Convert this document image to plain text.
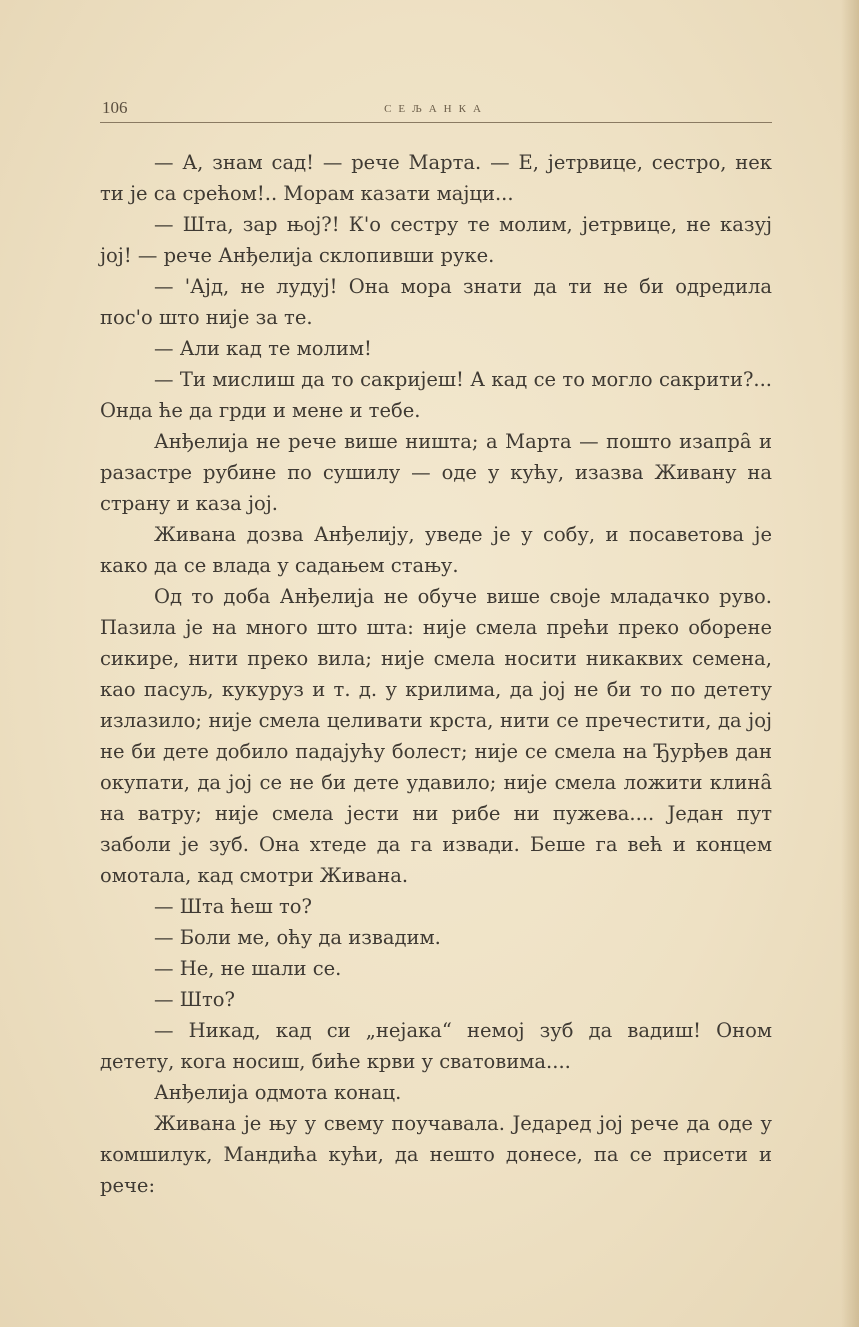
106	СЕЉАНКА

— А, знам сад! — рече Марта. — Е, јетрвице, сестро, нек ти је са срећом!.. Морам казати мајци...

— Шта, зар њој?! К'о сестру те молим, јетрвице, не казуј јој! — рече Анђелија склопивши руке.

— 'Ајд, не лудуј! Она мора знати да ти не би одредила пос'о што није за те.

— Али кад те молим!

— Ти мислиш да то сакријеш! А кад се то могло сакрити?... Онда ће да грди и мене и тебе.

Анђелија не рече више ништа; а Марта — пошто изапра̑ и разастре рубине по сушилу — оде у кућу, изазва Живану на страну и каза јој.

Живана дозва Анђелију, уведе је у собу, и посаветова је како да се влада у садањем стању.

Од то доба Анђелија не обуче више своје младачко руво. Пазила је на много што шта: није смела прећи преко оборене сикире, нити преко вила; није смела носити никаквих семена, као пасуљ, кукуруз и т. д. у крилима, да јој не би то по детету излазило; није смела целивати крста, нити се пречестити, да јој не би дете добило падајућу болест; није се смела на Ђурђев дан окупати, да јој се не би дете удавило; није смела ложити клина̑ на ватру; није смела јести ни рибе ни пужева.... Један пут заболи је зуб. Она хтеде да га извади. Беше га већ и концем омотала, кад смотри Живана.

— Шта ћеш то?

— Боли ме, оћу да извадим.

— Не, не шали се.

— Што?

— Никад, кад си „нејака“ немој зуб да вадиш! Оном детету, кога носиш, биће крви у сватовима....

Анђелија одмота конац.

Живана је њу у свему поучавала. Једаред јој рече да оде у комшилук, Мандића кући, да нешто донесе, па се присети и рече:
